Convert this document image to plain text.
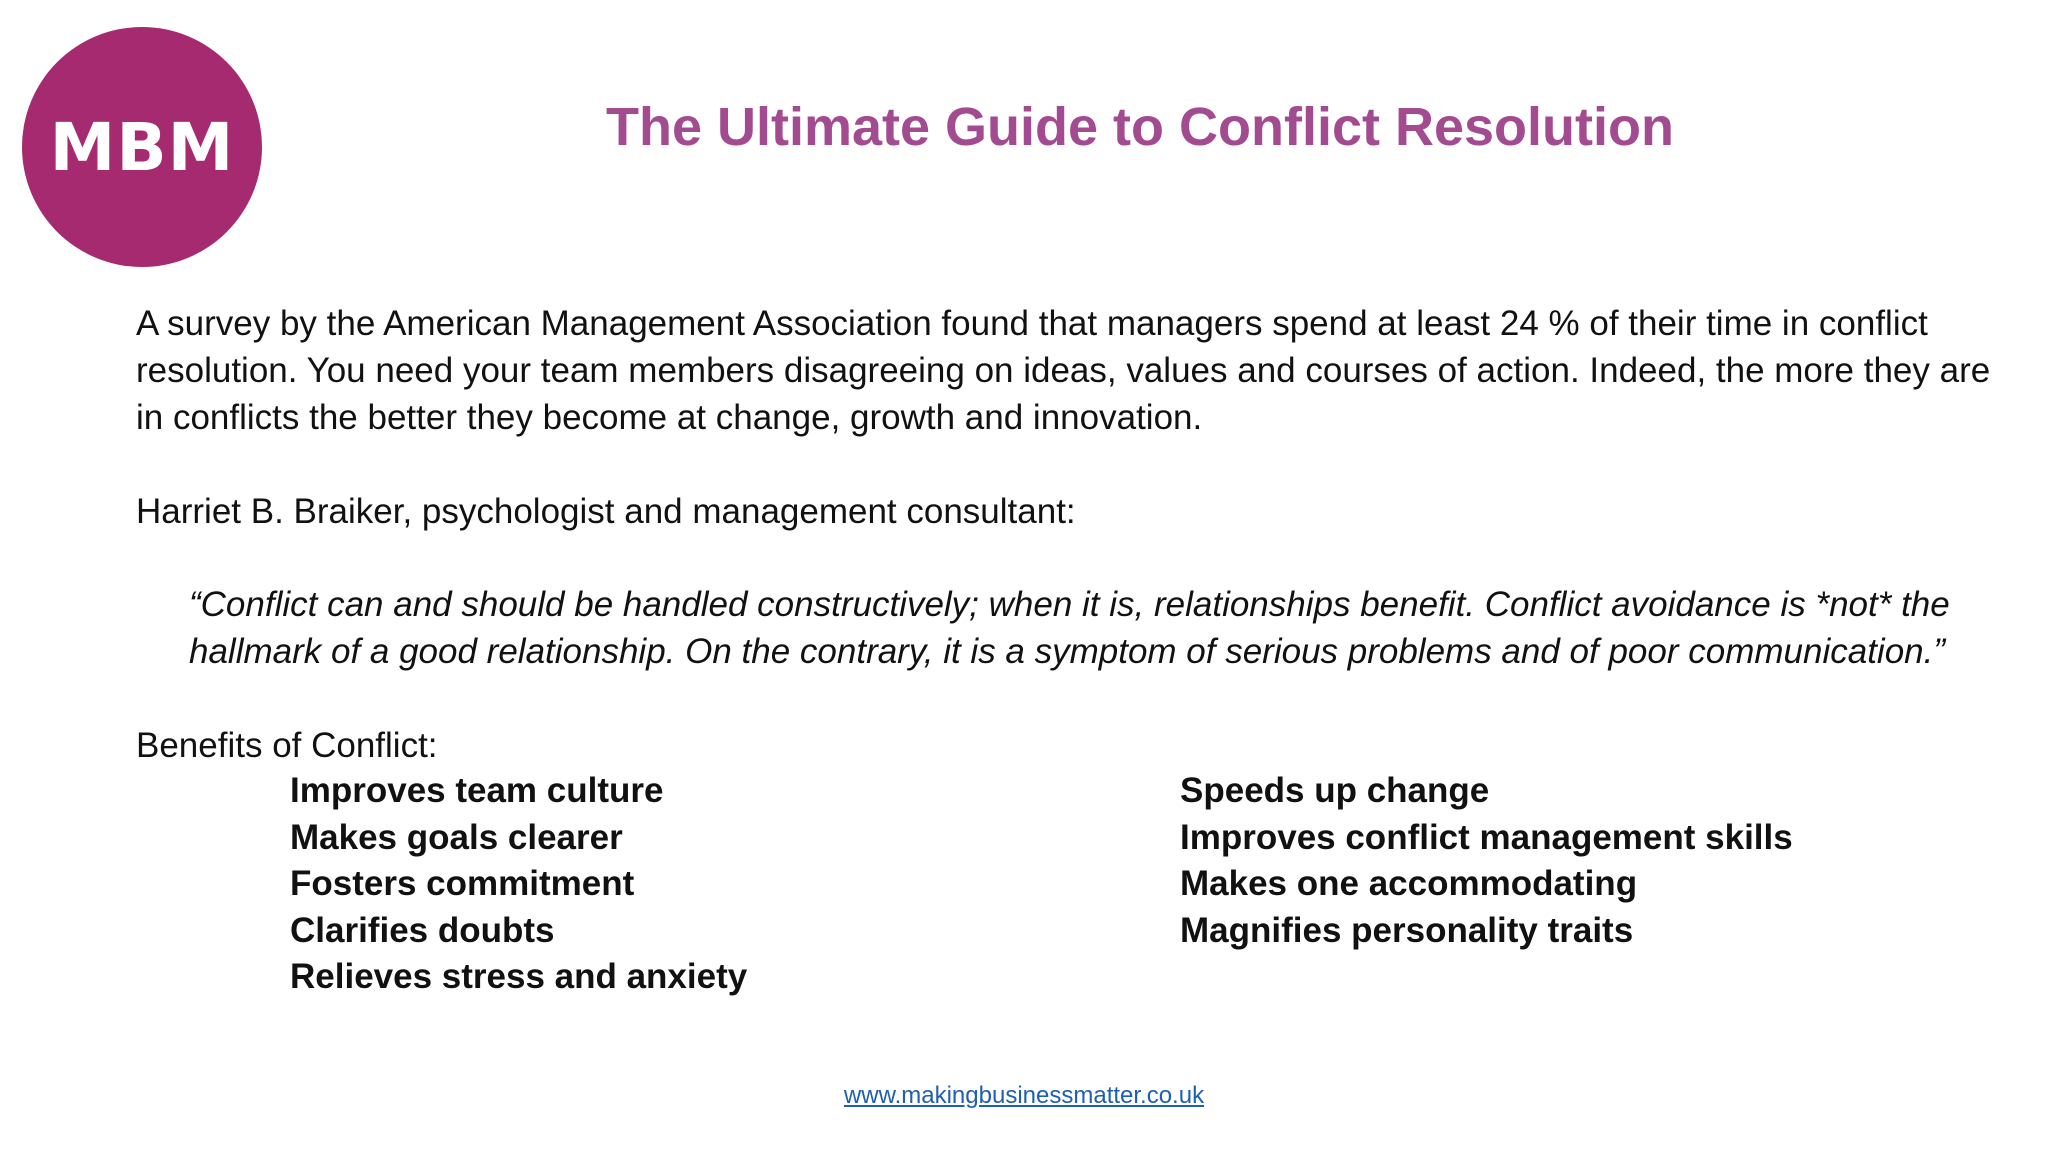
MBM	The Ultimate Guide to Conflict Resolution

A survey by the American Management Association found that managers spend at least 24 % of their time in conflict resolution. You need your team members disagreeing on ideas, values and courses of action. Indeed, the more they are in conflicts the better they become at change, growth and innovation.

Harriet B. Braiker, psychologist and management consultant:

“Conflict can and should be handled constructively; when it is, relationships benefit. Conflict avoidance is *not* the hallmark of a good relationship. On the contrary, it is a symptom of serious problems and of poor communication.”

Benefits of Conflict:

Improves team culture
Makes goals clearer
Fosters commitment
Clarifies doubts
Relieves stress and anxiety
Speeds up change
Improves conflict management skills
Makes one accommodating
Magnifies personality traits
www.makingbusinessmatter.co.uk
